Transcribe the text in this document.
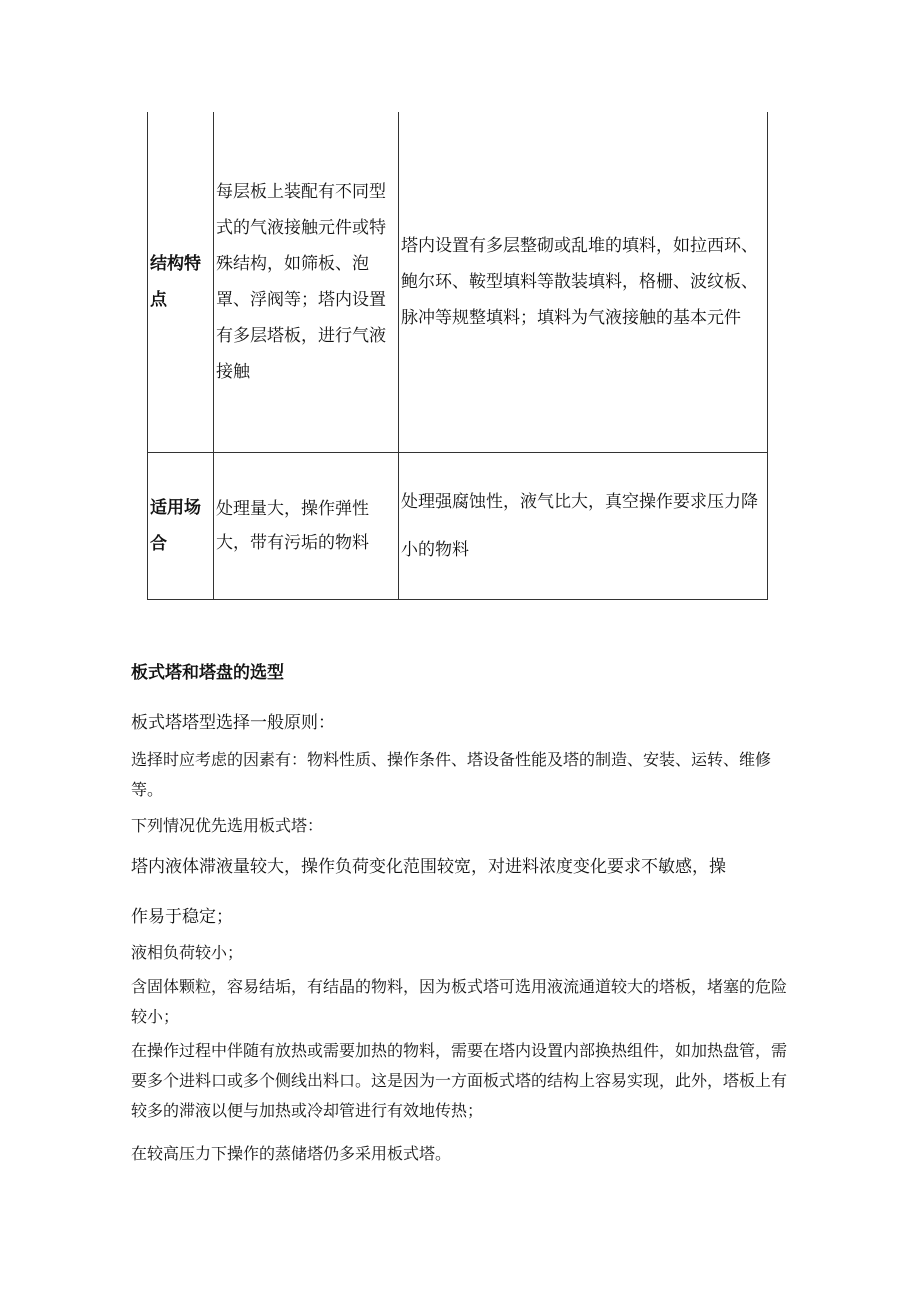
结构特点	每层板上装配有不同型式的气液接触元件或特殊结构，如筛板、泡罩、浮阀等；塔内设置有多层塔板，进行气液接触	塔内设置有多层整砌或乱堆的填料，如拉西环、鲍尔环、鞍型填料等散装填料，格栅、波纹板、脉冲等规整填料；填料为气液接触的基本元件
适用场合	处理量大，操作弹性大，带有污垢的物料	处理强腐蚀性，液气比大，真空操作要求压力降小的物料
板式塔和塔盘的选型
板式塔塔型选择一般原则：
选择时应考虑的因素有：物料性质、操作条件、塔设备性能及塔的制造、安装、运转、维修等。
下列情况优先选用板式塔：
塔内液体滞液量较大，操作负荷变化范围较宽，对进料浓度变化要求不敏感，操作易于稳定；
液相负荷较小；
含固体颗粒，容易结垢，有结晶的物料，因为板式塔可选用液流通道较大的塔板，堵塞的危险较小；
在操作过程中伴随有放热或需要加热的物料，需要在塔内设置内部换热组件，如加热盘管，需要多个进料口或多个侧线出料口。这是因为一方面板式塔的结构上容易实现，此外，塔板上有较多的滞液以便与加热或冷却管进行有效地传热；
在较高压力下操作的蒸储塔仍多采用板式塔。
